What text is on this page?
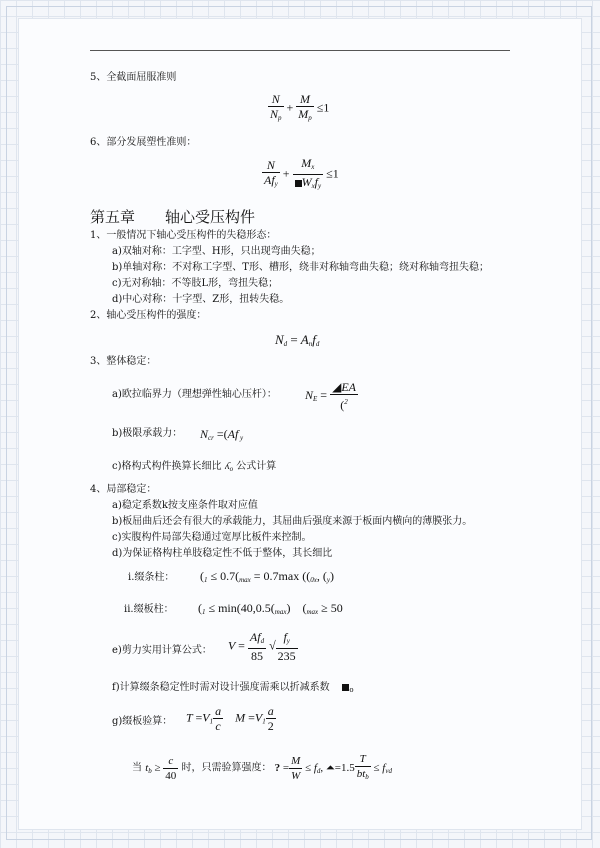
5、全截面屈服准则
$\frac{N}{N_p} + \frac{M}{M_p} \le 1$
6、部分发展塑性准则：
$\frac{N}{Af_y} + \frac{M_x}{W_xf_y} \le 1$
第五章　　轴心受压构件
1、一般情况下轴心受压构件的失稳形态：
a)双轴对称：工字型、H形，只出现弯曲失稳；
b)单轴对称：不对称工字型、T形、槽形，绕非对称轴弯曲失稳；绕对称轴弯扭失稳；
c)无对称轴：不等肢L形，弯扭失稳；
d)中心对称：十字型、Z形，扭转失稳。
2、轴心受压构件的强度：
$N_d = A_nf_d$
3、整体稳定：
a)欧拉临界力（理想弹性轴心压杆）： $N_E = \frac{◢EA}{(^2}$
b)极限承载力： $N_{cr} =(Af$ $_y$
c)格构式构件换算长细比 ʎ$_o$ 公式计算
4、局部稳定：
a)稳定系数k按支座条件取对应值
b)板屈曲后还会有很大的承载能力，其屈曲后强度来源于板面内横向的薄膜张力。
c)实腹构件局部失稳通过宽厚比板件来控制。
d)为保证格构柱单肢稳定性不低于整体，其长细比
i.缀条柱： ($_1 \le 0.7(_{max} = 0.7\max$ (($_{0x}$, $(_y)$
ii.缀板柱： ($_1 \le \min(40,0.5(_{max}) (_{max} \ge 50$
e)剪力实用计算公式： $V = \frac{Af_d}{85}$ √ $\frac{f_y}{235}$
f)计算缀条稳定性时需对设计强度需乘以折减系数	$_o$
g)缀板验算： $T =V_1 \frac{a}{c}$ $M =V_1 \frac{a}{2}$
当 $t_b \ge \frac{c}{40}$ 时，只需验算强度： ? = $\frac{M}{W} \le f_d$, ⏶=1.5 $\frac{T}{bt_b} \le f_{vd}$
